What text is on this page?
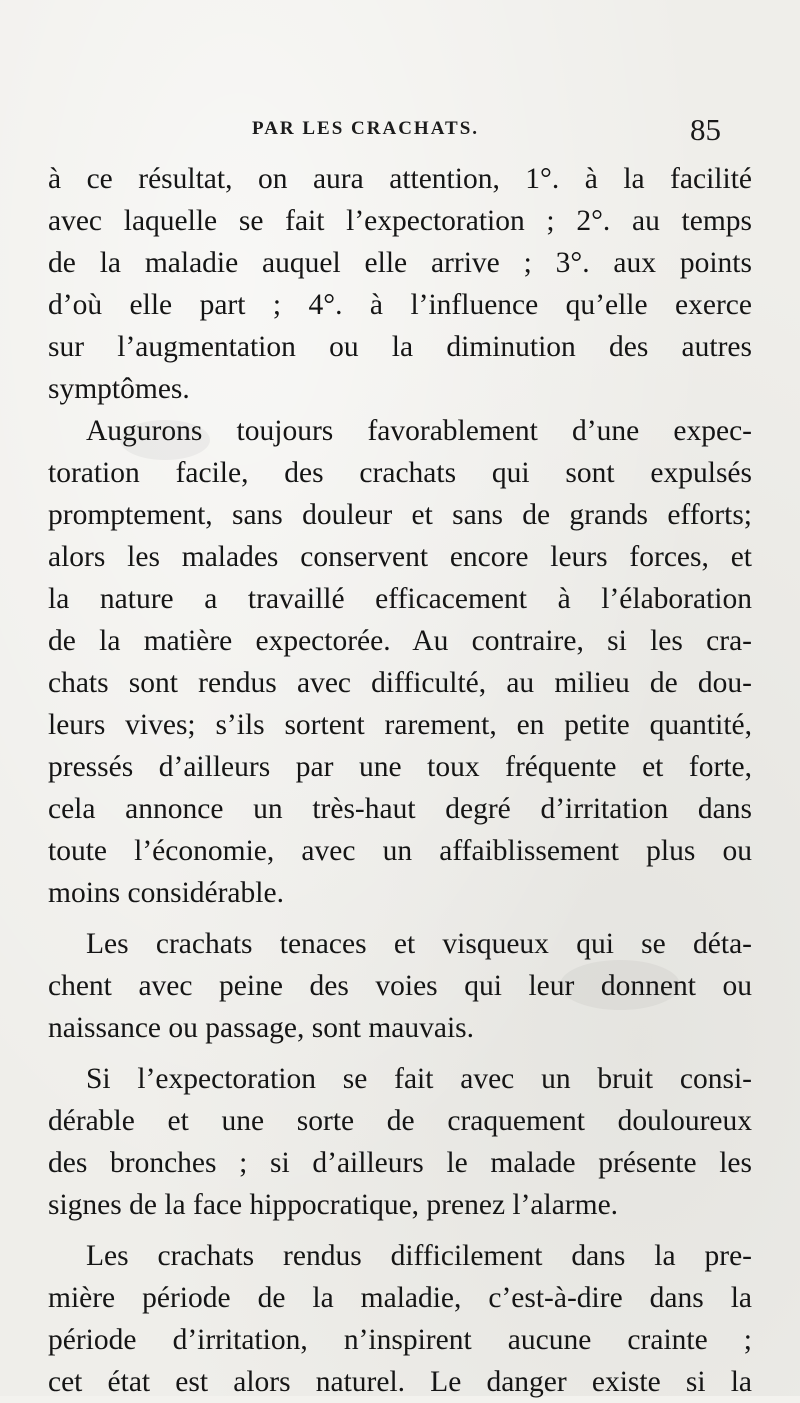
PAR LES CRACHATS.	85
à ce résultat, on aura attention, 1°. à la facilité
avec laquelle se fait l’expectoration ; 2°. au temps
de la maladie auquel elle arrive ; 3°. aux points
d’où elle part ; 4°. à l’influence qu’elle exerce
sur l’augmentation ou la diminution des autres
symptômes.
Augurons toujours favorablement d’une expec-
toration facile, des crachats qui sont expulsés
promptement, sans douleur et sans de grands efforts;
alors les malades conservent encore leurs forces, et
la nature a travaillé efficacement à l’élaboration
de la matière expectorée. Au contraire, si les cra-
chats sont rendus avec difficulté, au milieu de dou-
leurs vives; s’ils sortent rarement, en petite quantité,
pressés d’ailleurs par une toux fréquente et forte,
cela annonce un très-haut degré d’irritation dans
toute l’économie, avec un affaiblissement plus ou
moins considérable.
Les crachats tenaces et visqueux qui se déta-
chent avec peine des voies qui leur donnent ou
naissance ou passage, sont mauvais.
Si l’expectoration se fait avec un bruit consi-
dérable et une sorte de craquement douloureux
des bronches ; si d’ailleurs le malade présente les
signes de la face hippocratique, prenez l’alarme.
Les crachats rendus difficilement dans la pre-
mière période de la maladie, c’est-à-dire dans la
période d’irritation, n’inspirent aucune crainte ;
cet état est alors naturel. Le danger existe si la
